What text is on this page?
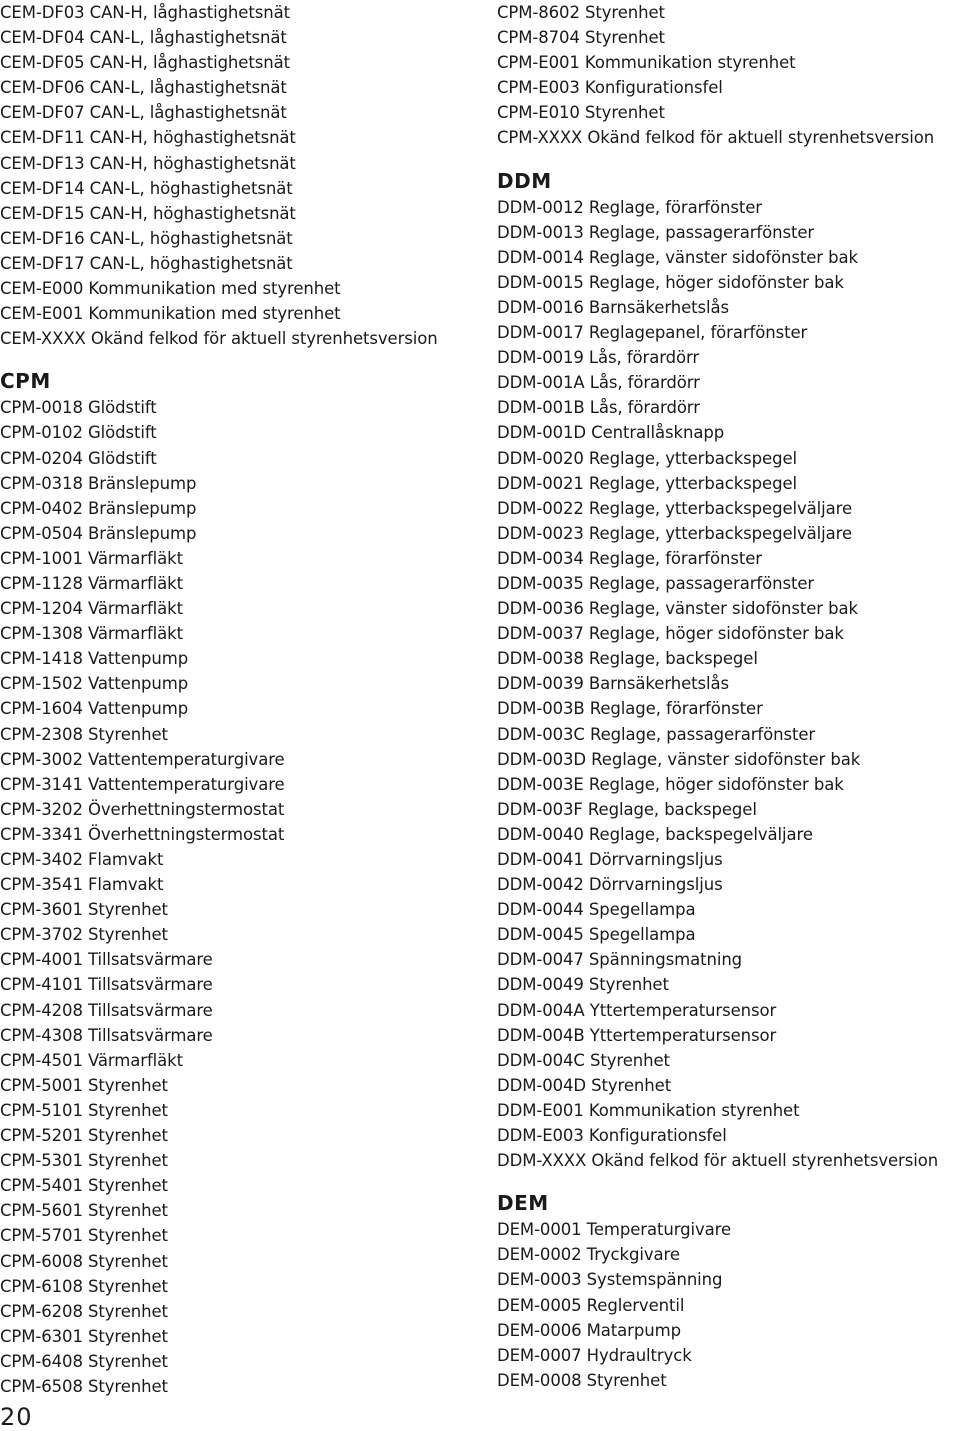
CEM-DF03 CAN-H, låghastighetsnät
CEM-DF04 CAN-L, låghastighetsnät
CEM-DF05 CAN-H, låghastighetsnät
CEM-DF06 CAN-L, låghastighetsnät
CEM-DF07 CAN-L, låghastighetsnät
CEM-DF11 CAN-H, höghastighetsnät
CEM-DF13 CAN-H, höghastighetsnät
CEM-DF14 CAN-L, höghastighetsnät
CEM-DF15 CAN-H, höghastighetsnät
CEM-DF16 CAN-L, höghastighetsnät
CEM-DF17 CAN-L, höghastighetsnät
CEM-E000 Kommunikation med styrenhet
CEM-E001 Kommunikation med styrenhet
CEM-XXXX Okänd felkod för aktuell styrenhetsversion
CPM
CPM-0018 Glödstift
CPM-0102 Glödstift
CPM-0204 Glödstift
CPM-0318 Bränslepump
CPM-0402 Bränslepump
CPM-0504 Bränslepump
CPM-1001 Värmarfläkt
CPM-1128 Värmarfläkt
CPM-1204 Värmarfläkt
CPM-1308 Värmarfläkt
CPM-1418 Vattenpump
CPM-1502 Vattenpump
CPM-1604 Vattenpump
CPM-2308 Styrenhet
CPM-3002 Vattentemperaturgivare
CPM-3141 Vattentemperaturgivare
CPM-3202 Överhettningstermostat
CPM-3341 Överhettningstermostat
CPM-3402 Flamvakt
CPM-3541 Flamvakt
CPM-3601 Styrenhet
CPM-3702 Styrenhet
CPM-4001 Tillsatsvärmare
CPM-4101 Tillsatsvärmare
CPM-4208 Tillsatsvärmare
CPM-4308 Tillsatsvärmare
CPM-4501 Värmarfläkt
CPM-5001 Styrenhet
CPM-5101 Styrenhet
CPM-5201 Styrenhet
CPM-5301 Styrenhet
CPM-5401 Styrenhet
CPM-5601 Styrenhet
CPM-5701 Styrenhet
CPM-6008 Styrenhet
CPM-6108 Styrenhet
CPM-6208 Styrenhet
CPM-6301 Styrenhet
CPM-6408 Styrenhet
CPM-6508 Styrenhet
CPM-8602 Styrenhet
CPM-8704 Styrenhet
CPM-E001 Kommunikation styrenhet
CPM-E003 Konfigurationsfel
CPM-E010 Styrenhet
CPM-XXXX Okänd felkod för aktuell styrenhetsversion
DDM
DDM-0012 Reglage, förarfönster
DDM-0013 Reglage, passagerarfönster
DDM-0014 Reglage, vänster sidofönster bak
DDM-0015 Reglage, höger sidofönster bak
DDM-0016 Barnsäkerhetslås
DDM-0017 Reglagepanel, förarfönster
DDM-0019 Lås, förardörr
DDM-001A Lås, förardörr
DDM-001B Lås, förardörr
DDM-001D Centrallåsknapp
DDM-0020 Reglage, ytterbackspegel
DDM-0021 Reglage, ytterbackspegel
DDM-0022 Reglage, ytterbackspegelväljare
DDM-0023 Reglage, ytterbackspegelväljare
DDM-0034 Reglage, förarfönster
DDM-0035 Reglage, passagerarfönster
DDM-0036 Reglage, vänster sidofönster bak
DDM-0037 Reglage, höger sidofönster bak
DDM-0038 Reglage, backspegel
DDM-0039 Barnsäkerhetslås
DDM-003B Reglage, förarfönster
DDM-003C Reglage, passagerarfönster
DDM-003D Reglage, vänster sidofönster bak
DDM-003E Reglage, höger sidofönster bak
DDM-003F Reglage, backspegel
DDM-0040 Reglage, backspegelväljare
DDM-0041 Dörrvarningsljus
DDM-0042 Dörrvarningsljus
DDM-0044 Spegellampa
DDM-0045 Spegellampa
DDM-0047 Spänningsmatning
DDM-0049 Styrenhet
DDM-004A Yttertemperatursensor
DDM-004B Yttertemperatursensor
DDM-004C Styrenhet
DDM-004D Styrenhet
DDM-E001 Kommunikation styrenhet
DDM-E003 Konfigurationsfel
DDM-XXXX Okänd felkod för aktuell styrenhetsversion
DEM
DEM-0001 Temperaturgivare
DEM-0002 Tryckgivare
DEM-0003 Systemspänning
DEM-0005 Reglerventil
DEM-0006 Matarpump
DEM-0007 Hydraultryck
DEM-0008 Styrenhet
20
